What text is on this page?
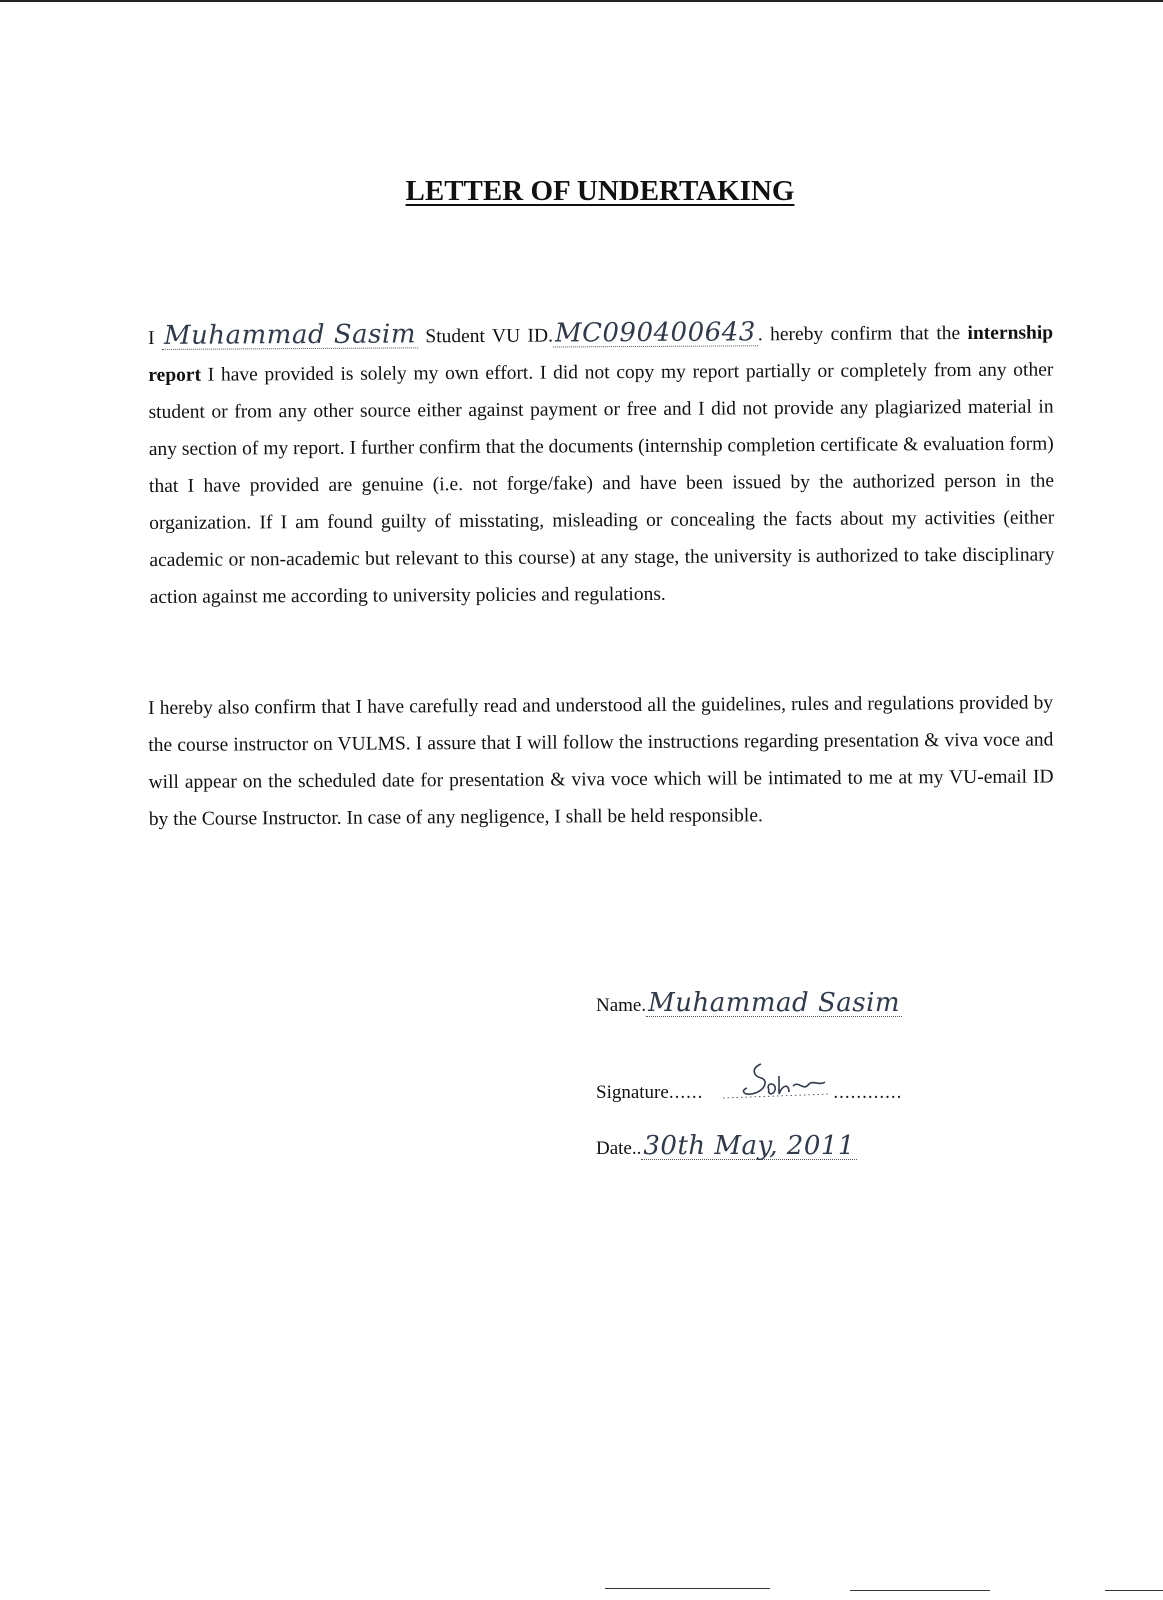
LETTER OF UNDERTAKING

I Muhammad Sasim Student VU ID.MC090400643. hereby confirm that the internship report I have provided is solely my own effort. I did not copy my report partially or completely from any other student or from any other source either against payment or free and I did not provide any plagiarized material in any section of my report. I further confirm that the documents (internship completion certificate & evaluation form) that I have provided are genuine (i.e. not forge/fake) and have been issued by the authorized person in the organization. If I am found guilty of misstating, misleading or concealing the facts about my activities (either academic or non-academic but relevant to this course) at any stage, the university is authorized to take disciplinary action against me according to university policies and regulations.

I hereby also confirm that I have carefully read and understood all the guidelines, rules and regulations provided by the course instructor on VULMS. I assure that I will follow the instructions regarding presentation & viva voce and will appear on the scheduled date for presentation & viva voce which will be intimated to me at my VU-email ID by the Course Instructor. In case of any negligence, I shall be held responsible.

Name.Muhammad Sasim
Signature......	............
Date..30th May, 2011
